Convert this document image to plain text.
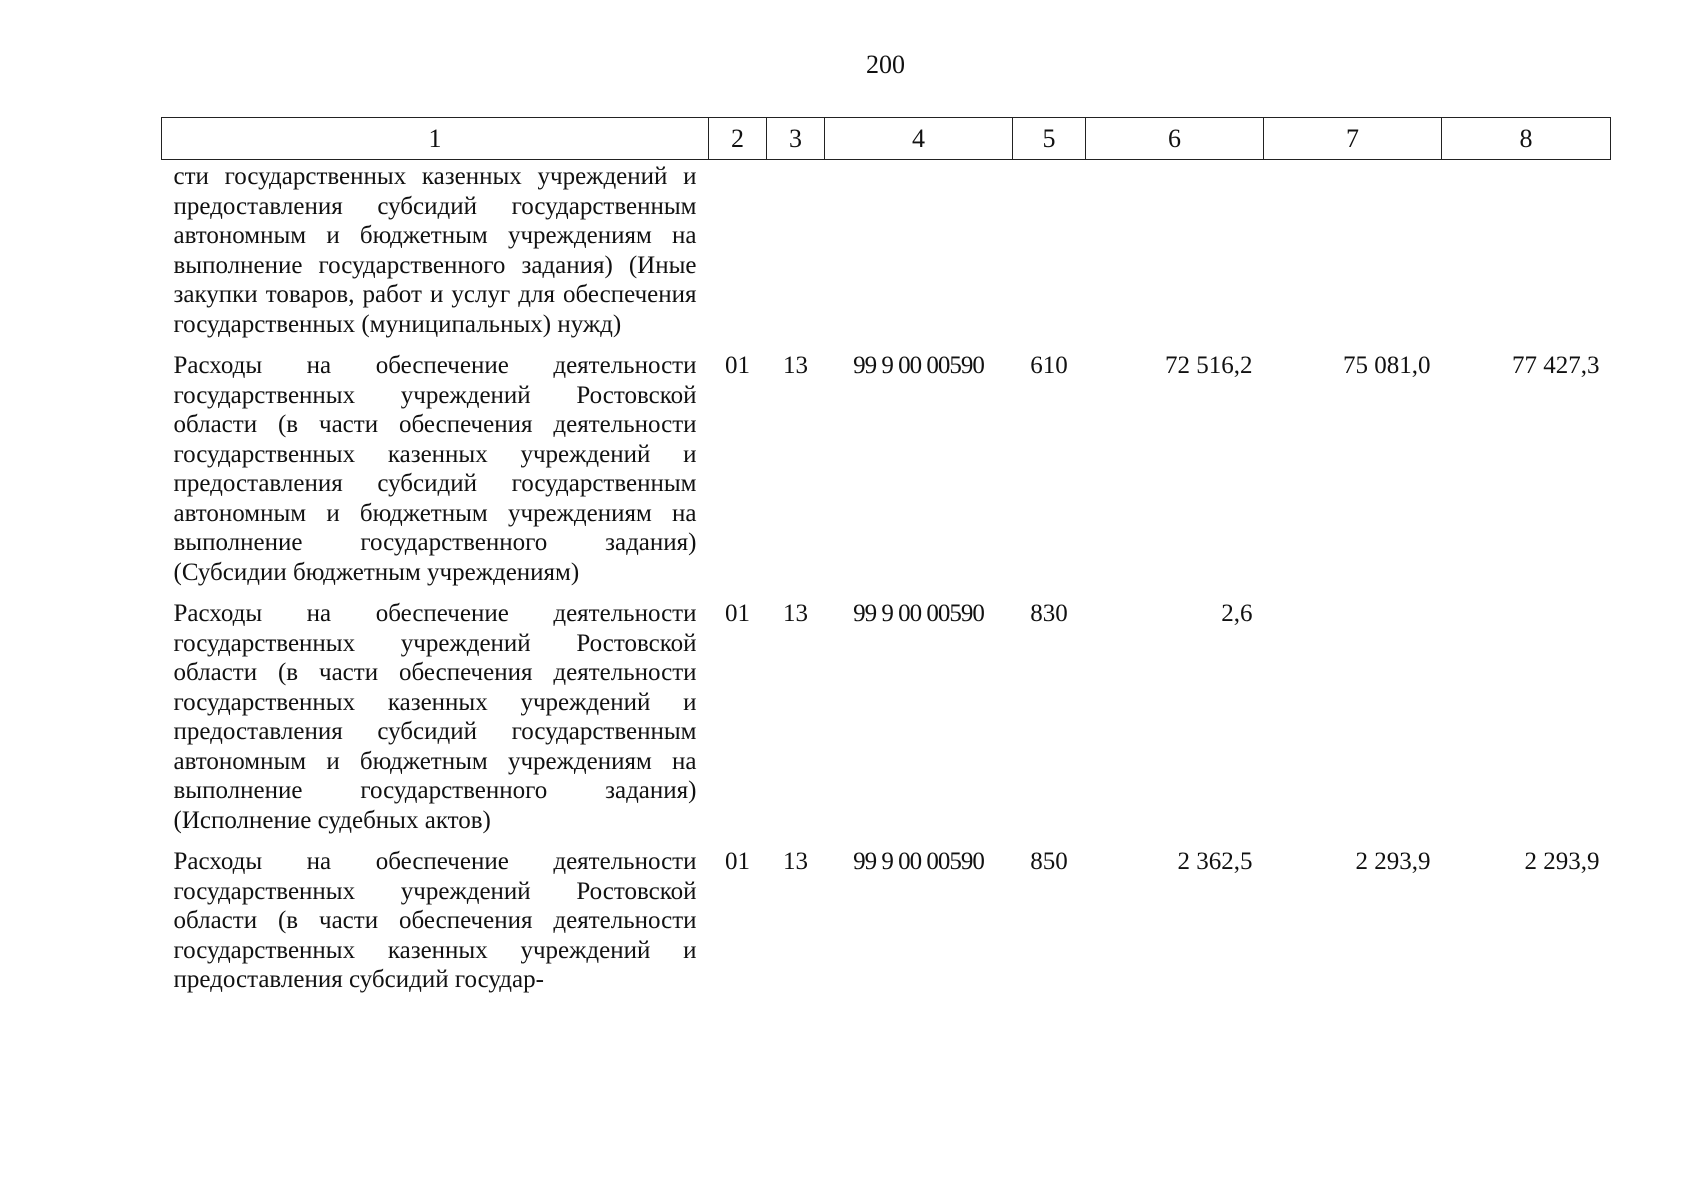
200
1	2	3	4	5	6	7	8
сти государственных казенных учреждений и предоставления субсидий государственным автономным и бюджетным учреждениям на выполнение государственного задания) (Иные закупки товаров, работ и услуг для обеспечения государственных (муниципальных) нужд)							
Расходы на обеспечение деятельности государственных учреждений Ростовской области (в части обеспечения деятельности государственных казенных учреждений и предоставления субсидий государственным автономным и бюджетным учреждениям на выполнение государственного задания) (Субсидии бюджетным учреждениям)	01	13	99 9 00 00590	610	72 516,2	75 081,0	77 427,3
Расходы на обеспечение деятельности государственных учреждений Ростовской области (в части обеспечения деятельности государственных казенных учреждений и предоставления субсидий государственным автономным и бюджетным учреждениям на выполнение государственного задания) (Исполнение судебных актов)	01	13	99 9 00 00590	830	2,6		
Расходы на обеспечение деятельности государственных учреждений Ростовской области (в части обеспечения деятельности государственных казенных учреждений и предоставления субсидий государ-	01	13	99 9 00 00590	850	2 362,5	2 293,9	2 293,9
